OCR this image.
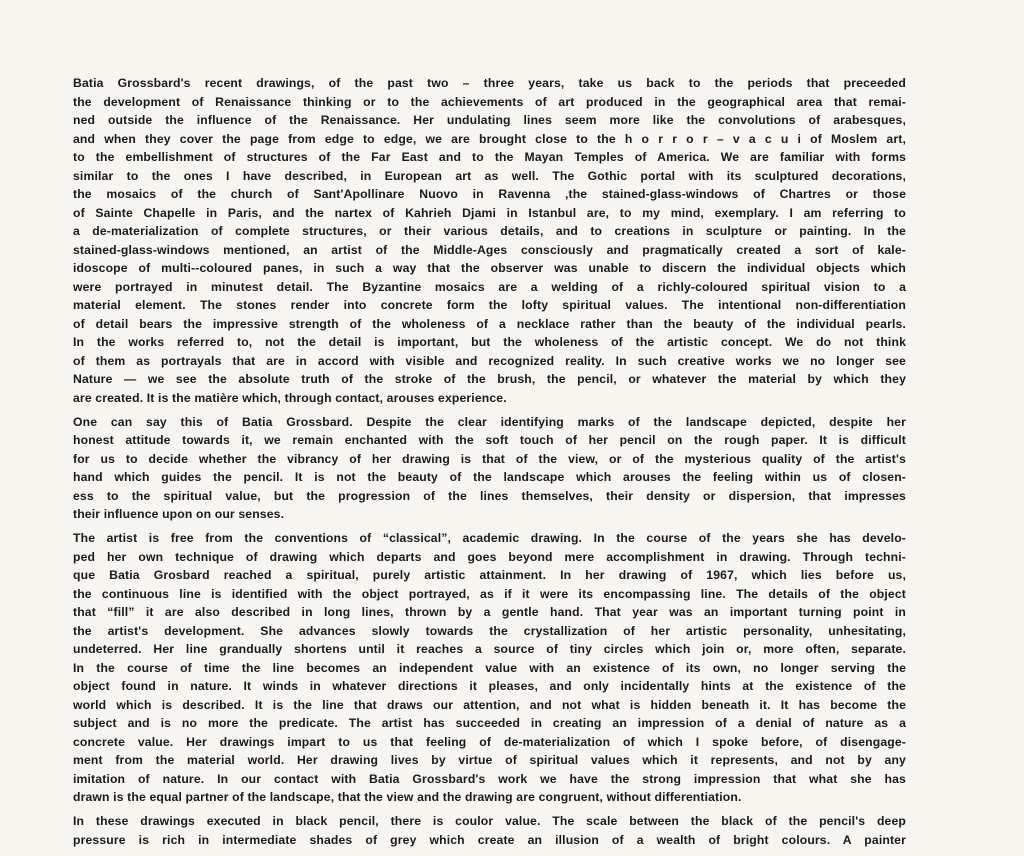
Batia Grossbard's recent drawings, of the past two – three years, take us back to the periods that preceeded
the development of Renaissance thinking or to the achievements of art produced in the geographical area that remai-
ned outside the influence of the Renaissance. Her undulating lines seem more like the convolutions of arabesques,
and when they cover the page from edge to edge, we are brought close to the h o r r o r – v a c u i of Moslem art,
to the embellishment of structures of the Far East and to the Mayan Temples of America. We are familiar with forms
similar to the ones I have described, in European art as well. The Gothic portal with its sculptured decorations,
the mosaics of the church of Sant'Apollinare Nuovo in Ravenna ,the stained-glass-windows of Chartres or those
of Sainte Chapelle in Paris, and the nartex of Kahrieh Djami in Istanbul are, to my mind, exemplary. I am referring to
a de-materialization of complete structures, or their various details, and to creations in sculpture or painting. In the
stained-glass-windows mentioned, an artist of the Middle-Ages consciously and pragmatically created a sort of kale-
idoscope of multi--coloured panes, in such a way that the observer was unable to discern the individual objects which
were portrayed in minutest detail. The Byzantine mosaics are a welding of a richly-coloured spiritual vision to a
material element. The stones render into concrete form the lofty spiritual values. The intentional non-differentiation
of detail bears the impressive strength of the wholeness of a necklace rather than the beauty of the individual pearls.
In the works referred to, not the detail is important, but the wholeness of the artistic concept. We do not think
of them as portrayals that are in accord with visible and recognized reality. In such creative works we no longer see
Nature — we see the absolute truth of the stroke of the brush, the pencil, or whatever the material by which they
are created. It is the matière which, through contact, arouses experience.

One can say this of Batia Grossbard. Despite the clear identifying marks of the landscape depicted, despite her
honest attitude towards it, we remain enchanted with the soft touch of her pencil on the rough paper. It is difficult
for us to decide whether the vibrancy of her drawing is that of the view, or of the mysterious quality of the artist's
hand which guides the pencil. It is not the beauty of the landscape which arouses the feeling within us of closen-
ess to the spiritual value, but the progression of the lines themselves, their density or dispersion, that impresses
their influence upon on our senses.

The artist is free from the conventions of “classical”, academic drawing. In the course of the years she has develo-
ped her own technique of drawing which departs and goes beyond mere accomplishment in drawing. Through techni-
que Batia Grosbard reached a spiritual, purely artistic attainment. In her drawing of 1967, which lies before us,
the continuous line is identified with the object portrayed, as if it were its encompassing line. The details of the object
that “fill” it are also described in long lines, thrown by a gentle hand. That year was an important turning point in
the artist's development. She advances slowly towards the crystallization of her artistic personality, unhesitating,
undeterred. Her line grandually shortens until it reaches a source of tiny circles which join or, more often, separate.
In the course of time the line becomes an independent value with an existence of its own, no longer serving the
object found in nature. It winds in whatever directions it pleases, and only incidentally hints at the existence of the
world which is described. It is the line that draws our attention, and not what is hidden beneath it. It has become the
subject and is no more the predicate. The artist has succeeded in creating an impression of a denial of nature as a
concrete value. Her drawings impart to us that feeling of de-materialization of which I spoke before, of disengage-
ment from the material world. Her drawing lives by virtue of spiritual values which it represents, and not by any
imitation of nature. In our contact with Batia Grossbard's work we have the strong impression that what she has
drawn is the equal partner of the landscape, that the view and the drawing are congruent, without differentiation.

In these drawings executed in black pencil, there is coulor value. The scale between the black of the pencil's deep
pressure is rich in intermediate shades of grey which create an illusion of a wealth of bright colours. A painter
